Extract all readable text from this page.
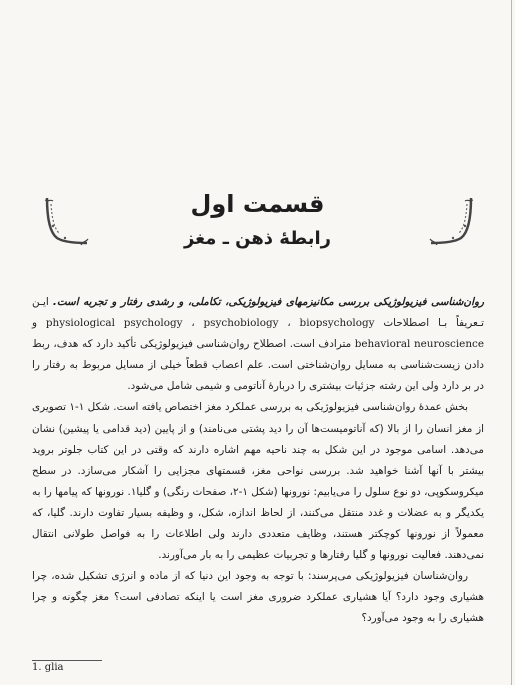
قسمت اول
رابطهٔ ذهن ـ مغز

روان‌شناسی فیزیولوژیکی بررسی مکانیزمهای فیزیولوژیکی، تکاملی، و رشدی رفتار و تجربه است. ایـن تـعریفاً بـا اصطلاحات physiological psychology ، psychobiology ، biopsychology و behavioral neuroscience مترادف است. اصطلاح روان‌شناسی فیزیولوژیکی تأکید دارد که هدف، ربط دادن زیست‌شناسی به مسایل روان‌شناختی است. علم اعصاب قطعاً خیلی از مسایل مربوط به رفتار را در بر دارد ولی این رشته جزئیات بیشتری را دربارهٔ آناتومی و شیمی شامل می‌شود.

بخش عمدهٔ روان‌شناسی فیزیولوژیکی به بررسی عملکرد مغز اختصاص یافته است. شکل ۱-۱ تصویری از مغز انسان را از بالا (که آناتومیست‌ها آن را دید پشتی می‌نامند) و از پایین (دید قدامی یا پیشین) نشان می‌دهد. اسامی موجود در این شکل به چند ناحیه مهم اشاره دارند که وقتی در این کتاب جلوتر بروید بیشتر با آنها آشنا خواهید شد. بررسی نواحی مغز، قسمتهای مجزایی را آشکار می‌سازد. در سطح میکروسکوپی، دو نوع سلول را می‌یابیم: نورونها (شکل ۱-۲، صفحات رنگی) و گلیا۱. نورونها که پیامها را به یکدیگر و به عضلات و غدد منتقل می‌کنند، از لحاظ اندازه، شکل، و وظیفه بسیار تفاوت دارند. گلیا، که معمولاً از نورونها کوچکتر هستند، وظایف متعددی دارند ولی اطلاعات را به فواصل طولانی انتقال نمی‌دهند. فعالیت نورونها و گلیا رفتارها و تجربیات عظیمی را به بار می‌آورند.

روان‌شناسان فیزیولوژیکی می‌پرسند: با توجه به وجود این دنیا که از ماده و انرژی تشکیل شده، چرا هشیاری وجود دارد؟ آیا هشیاری عملکرد ضروری مغز است یا اینکه تصادفی است؟ مغز چگونه و چرا هشیاری را به وجود می‌آورد؟

1. glia
